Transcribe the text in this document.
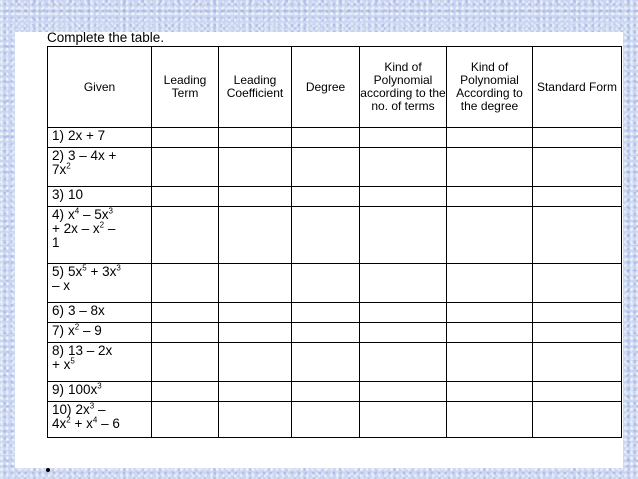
Complete the table.

Given	Leading Term	Leading Coefficient	Degree	Kind of Polynomial according to the no. of terms	Kind of Polynomial According to the degree	Standard Form
1) 2x + 7						
2) 3 – 4x +
$7x^2$						
3) 10						
4) $x^4 - 5x^3$
+ $2x - x^2$ –
1						
5) $5x^5 + 3x^3$
– x						
6) 3 – 8x						
7) $x^2 - 9$						
8) 13 – 2x
+ $x^5$						
9) $100x^3$						
10) $2x^3$ –
$4x^2 + x^4 - 6$						
